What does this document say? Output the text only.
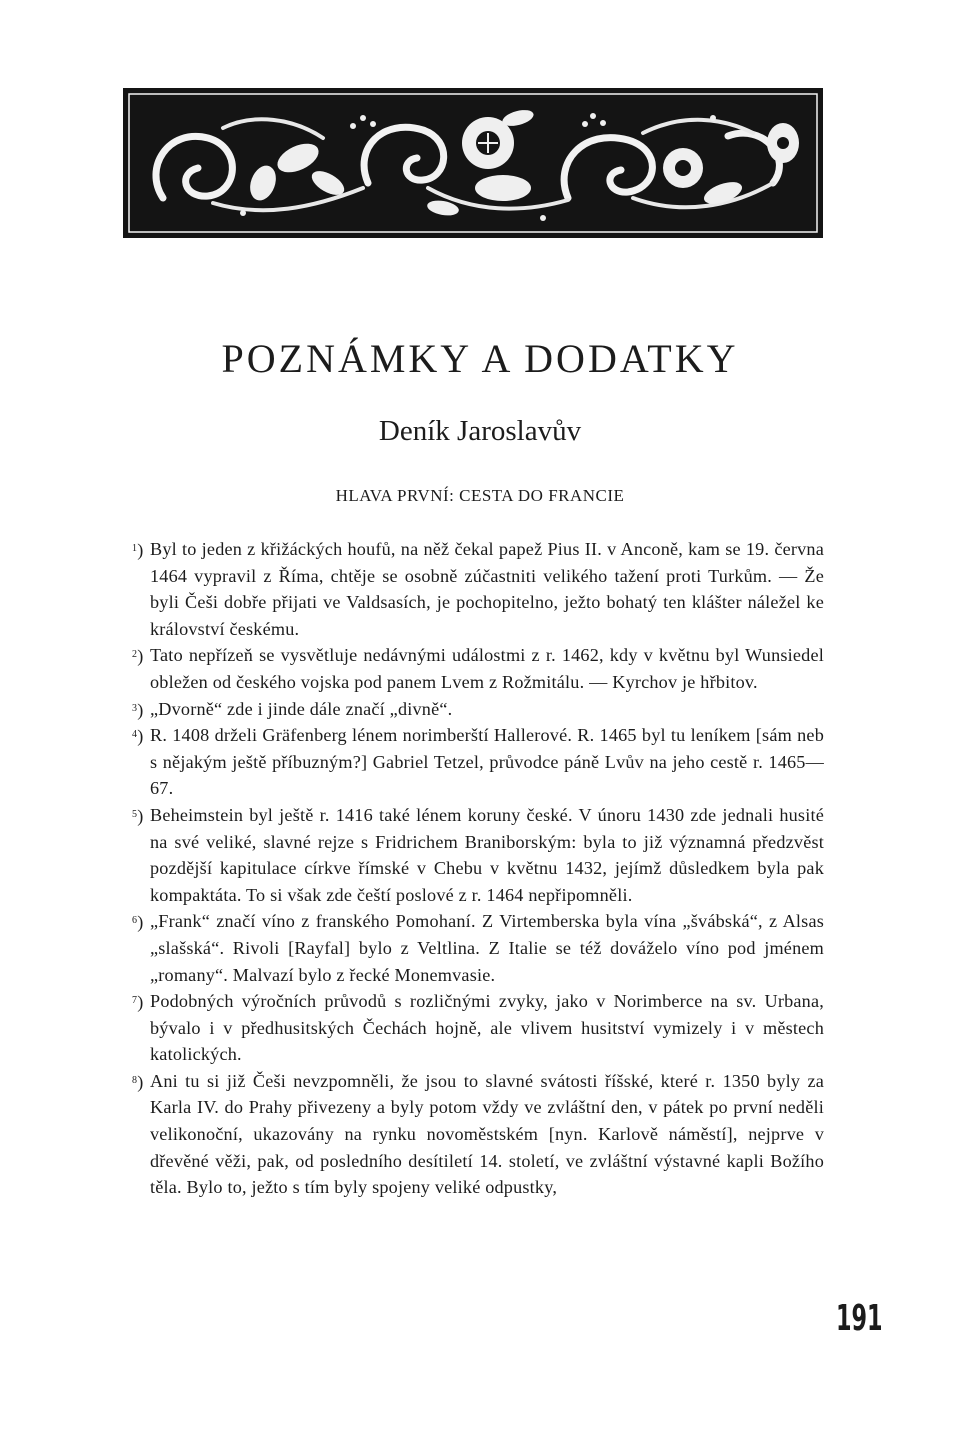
POZNÁMKY A DODATKY
Deník Jaroslavův
HLAVA PRVNÍ: CESTA DO FRANCIE

$^1$) Byl to jeden z křižáckých houfů, na něž čekal papež Pius II. v Anconě, kam se 19. června 1464 vypravil z Říma, chtěje se osobně zúčastniti velikého tažení proti Turkům. — Že byli Češi dobře přijati ve Valdsasích, je pochopitelno, ježto bohatý ten klášter náležel ke království českému.

$^2$) Tato nepřízeň se vysvětluje nedávnými událostmi z r. 1462, kdy v květnu byl Wunsiedel obležen od českého vojska pod panem Lvem z Rožmitálu. — Kyrchov je hřbitov.

$^3$) „Dvorně“ zde i jinde dále značí „divně“.

$^4$) R. 1408 drželi Gräfenberg lénem norimberští Hallerové. R. 1465 byl tu leníkem [sám neb s nějakým ještě příbuzným?] Gabriel Tetzel, průvodce páně Lvův na jeho cestě r. 1465—67.

$^5$) Beheimstein byl ještě r. 1416 také lénem koruny české. V únoru 1430 zde jednali husité na své veliké, slavné rejze s Fridrichem Braniborským: byla to již významná předzvěst pozdější kapitulace církve římské v Chebu v květnu 1432, jejímž důsledkem byla pak kompaktáta. To si však zde čeští poslové z r. 1464 nepřipomněli.

$^6$) „Frank“ značí víno z franského Pomohaní. Z Virtemberska byla vína „švábská“, z Alsas „slašská“. Rivoli [Rayfal] bylo z Veltlina. Z Italie se též dováželo víno pod jménem „romany“. Malvazí bylo z řecké Monemvasie.

$^7$) Podobných výročních průvodů s rozličnými zvyky, jako v Norimberce na sv. Urbana, bývalo i v předhusitských Čechách hojně, ale vlivem husitství vymizely i v městech katolických.

$^8$) Ani tu si již Češi nevzpomněli, že jsou to slavné svátosti říšské, které r. 1350 byly za Karla IV. do Prahy přivezeny a byly potom vždy ve zvláštní den, v pátek po první neděli velikonoční, ukazovány na rynku novoměstském [nyn. Karlově náměstí], nejprve v dřevěné věži, pak, od posledního desítiletí 14. století, ve zvláštní výstavné kapli Božího těla. Bylo to, ježto s tím byly spojeny veliké odpustky,

191
